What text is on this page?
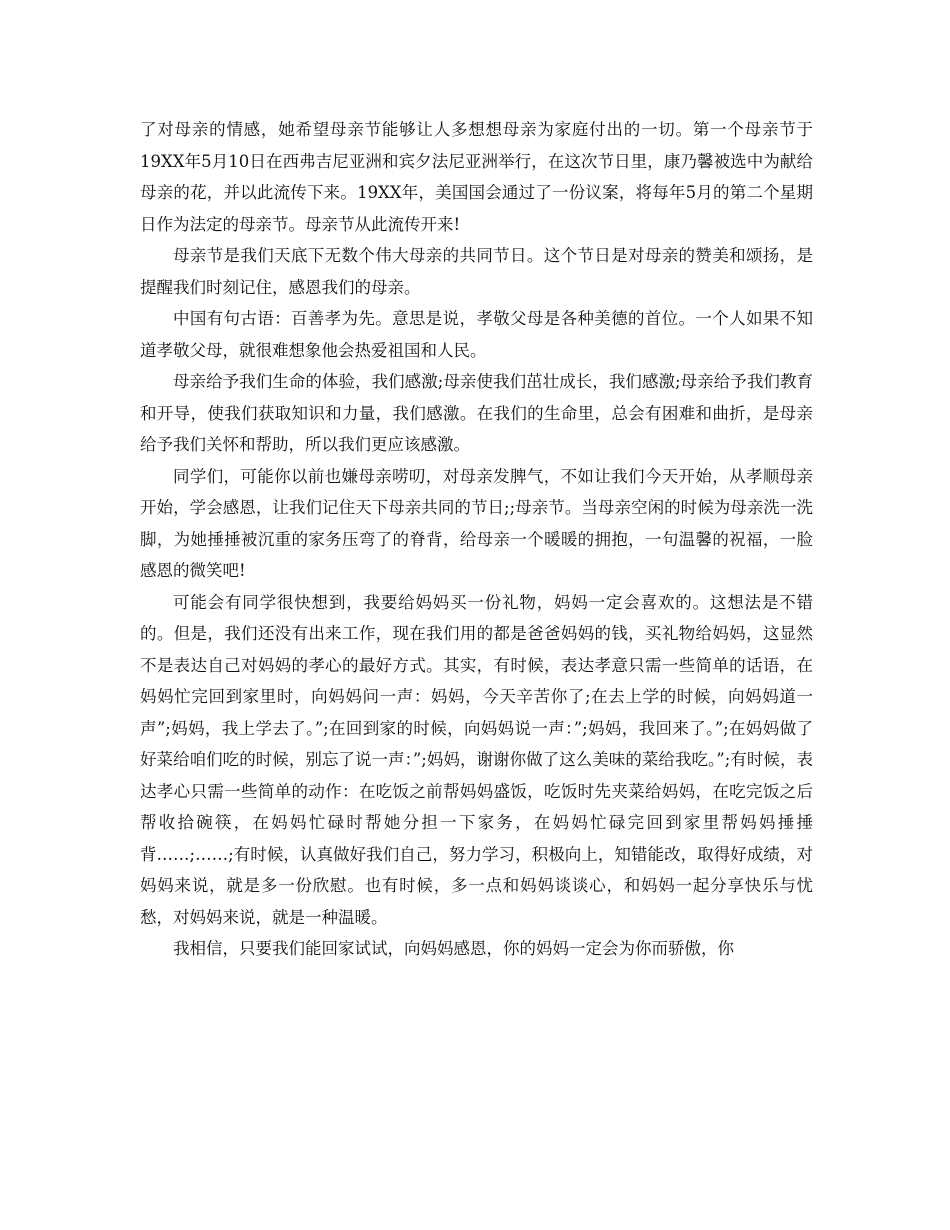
了对母亲的情感，她希望母亲节能够让人多想想母亲为家庭付出的一切。第一个母亲节于19XX年5月10日在西弗吉尼亚洲和宾夕法尼亚洲举行，在这次节日里，康乃馨被选中为献给母亲的花，并以此流传下来。19XX年，美国国会通过了一份议案，将每年5月的第二个星期日作为法定的母亲节。母亲节从此流传开来!

母亲节是我们天底下无数个伟大母亲的共同节日。这个节日是对母亲的赞美和颂扬，是提醒我们时刻记住，感恩我们的母亲。

中国有句古语：百善孝为先。意思是说，孝敬父母是各种美德的首位。一个人如果不知道孝敬父母，就很难想象他会热爱祖国和人民。

母亲给予我们生命的体验，我们感激;母亲使我们茁壮成长，我们感激;母亲给予我们教育和开导，使我们获取知识和力量，我们感激。在我们的生命里，总会有困难和曲折，是母亲给予我们关怀和帮助，所以我们更应该感激。

同学们，可能你以前也嫌母亲唠叨，对母亲发脾气，不如让我们今天开始，从孝顺母亲开始，学会感恩，让我们记住天下母亲共同的节日;;母亲节。当母亲空闲的时候为母亲洗一洗脚，为她捶捶被沉重的家务压弯了的脊背，给母亲一个暖暖的拥抱，一句温馨的祝福，一脸感恩的微笑吧!

可能会有同学很快想到，我要给妈妈买一份礼物，妈妈一定会喜欢的。这想法是不错的。但是，我们还没有出来工作，现在我们用的都是爸爸妈妈的钱，买礼物给妈妈，这显然不是表达自己对妈妈的孝心的最好方式。其实，有时候，表达孝意只需一些简单的话语，在妈妈忙完回到家里时，向妈妈问一声：妈妈，今天辛苦你了;在去上学的时候，向妈妈道一声”;妈妈，我上学去了。”;在回到家的时候，向妈妈说一声：”;妈妈，我回来了。”;在妈妈做了好菜给咱们吃的时候，别忘了说一声：”;妈妈，谢谢你做了这么美味的菜给我吃。”;有时候，表达孝心只需一些简单的动作：在吃饭之前帮妈妈盛饭，吃饭时先夹菜给妈妈，在吃完饭之后帮收拾碗筷，在妈妈忙碌时帮她分担一下家务，在妈妈忙碌完回到家里帮妈妈捶捶背……;……;有时候，认真做好我们自己，努力学习，积极向上，知错能改，取得好成绩，对妈妈来说，就是多一份欣慰。也有时候，多一点和妈妈谈谈心，和妈妈一起分享快乐与忧愁，对妈妈来说，就是一种温暖。

我相信，只要我们能回家试试，向妈妈感恩，你的妈妈一定会为你而骄傲，你
